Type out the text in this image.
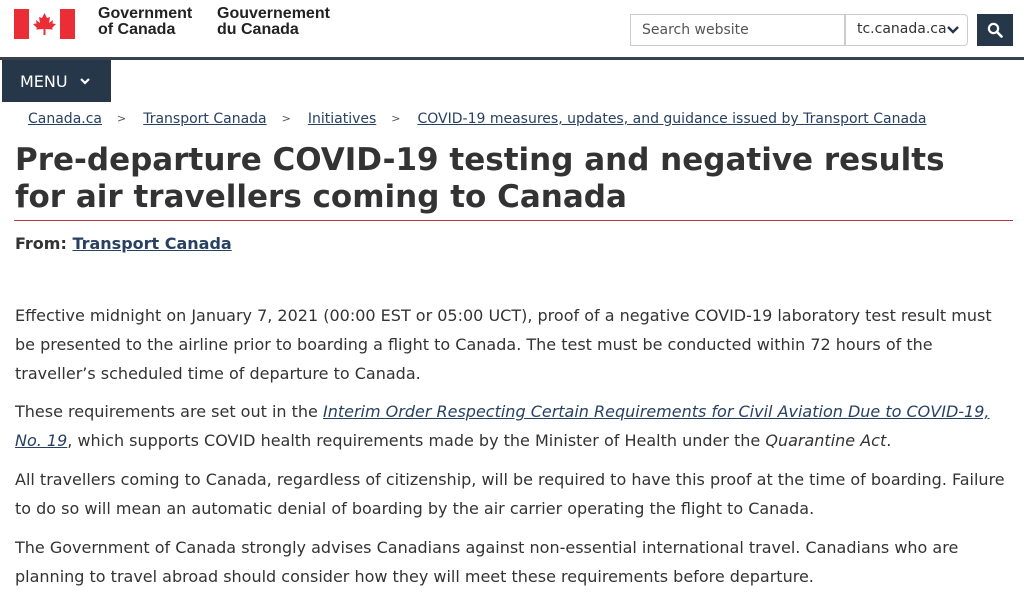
Government
of Canada
Gouvernement
du Canada
Search website	tc.canada.ca
MENU
Canada.ca > Transport Canada > Initiatives > COVID-19 measures, updates, and guidance issued by Transport Canada
Pre-departure COVID-19 testing and negative results for air travellers coming to Canada
From: Transport Canada

Effective midnight on January 7, 2021 (00:00 EST or 05:00 UCT), proof of a negative COVID-19 laboratory test result must be presented to the airline prior to boarding a flight to Canada. The test must be conducted within 72 hours of the traveller’s scheduled time of departure to Canada.

These requirements are set out in the Interim Order Respecting Certain Requirements for Civil Aviation Due to COVID-19, No. 19, which supports COVID health requirements made by the Minister of Health under the Quarantine Act.

All travellers coming to Canada, regardless of citizenship, will be required to have this proof at the time of boarding. Failure to do so will mean an automatic denial of boarding by the air carrier operating the flight to Canada.

The Government of Canada strongly advises Canadians against non-essential international travel. Canadians who are planning to travel abroad should consider how they will meet these requirements before departure.
